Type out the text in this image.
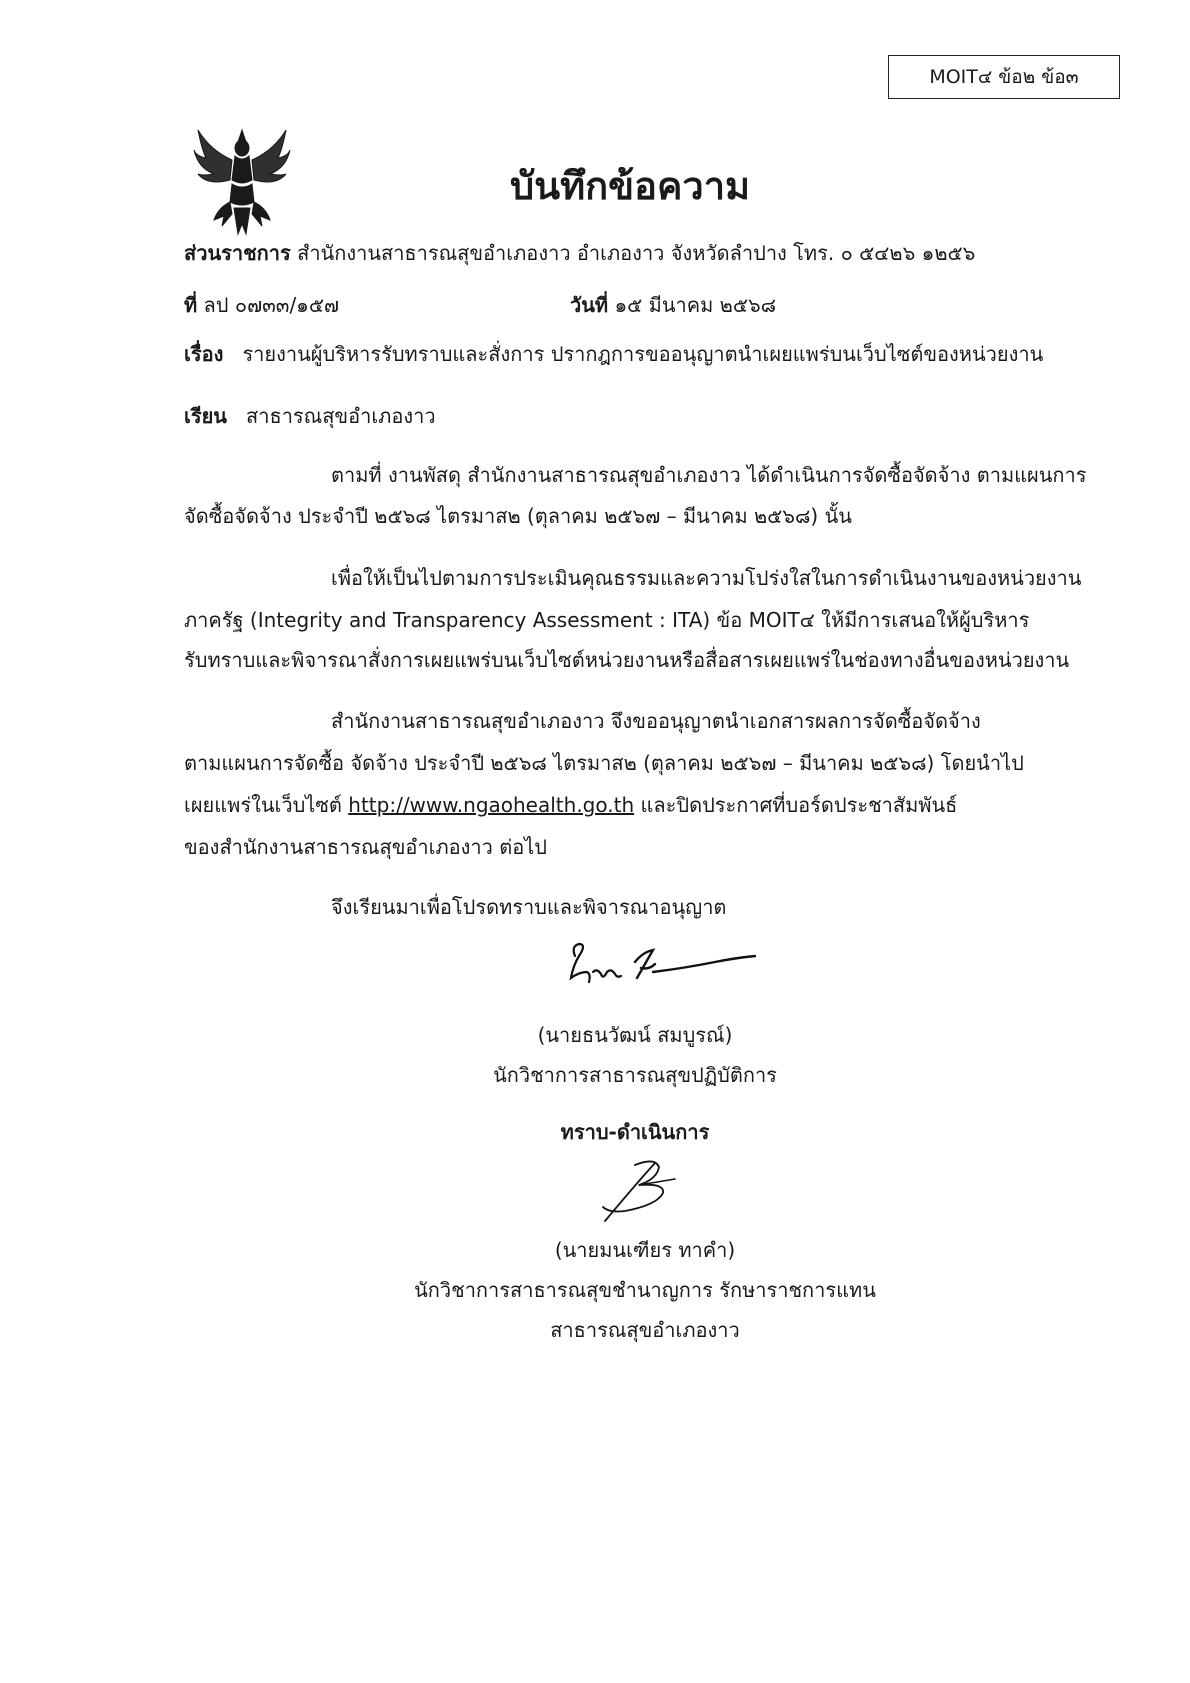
MOIT๔ ข้อ๒ ข้อ๓
บันทึกข้อความ
ส่วนราชการ สำนักงานสาธารณสุขอำเภองาว อำเภองาว จังหวัดลำปาง โทร. ๐ ๕๔๒๖ ๑๒๕๖
ที่ ลป ๐๗๓๓/๑๕๗	วันที่ ๑๕ มีนาคม ๒๕๖๘
เรื่อง รายงานผู้บริหารรับทราบและสั่งการ ปรากฎการขออนุญาตนำเผยแพร่บนเว็บไซต์ของหน่วยงาน
เรียน สาธารณสุขอำเภองาว
ตามที่ งานพัสดุ สำนักงานสาธารณสุขอำเภองาว ได้ดำเนินการจัดซื้อจัดจ้าง ตามแผนการ
จัดซื้อจัดจ้าง ประจำปี ๒๕๖๘ ไตรมาส๒ (ตุลาคม ๒๕๖๗ – มีนาคม ๒๕๖๘) นั้น
เพื่อให้เป็นไปตามการประเมินคุณธรรมและความโปร่งใสในการดำเนินงานของหน่วยงาน
ภาครัฐ (Integrity and Transparency Assessment : ITA) ข้อ MOIT๔ ให้มีการเสนอให้ผู้บริหาร
รับทราบและพิจารณาสั่งการเผยแพร่บนเว็บไซต์หน่วยงานหรือสื่อสารเผยแพร่ในช่องทางอื่นของหน่วยงาน
สำนักงานสาธารณสุขอำเภองาว จึงขออนุญาตนำเอกสารผลการจัดซื้อจัดจ้าง
ตามแผนการจัดซื้อ จัดจ้าง ประจำปี ๒๕๖๘ ไตรมาส๒ (ตุลาคม ๒๕๖๗ – มีนาคม ๒๕๖๘) โดยนำไป
เผยแพร่ในเว็บไซต์ http://www.ngaohealth.go.th และปิดประกาศที่บอร์ดประชาสัมพันธ์
ของสำนักงานสาธารณสุขอำเภองาว ต่อไป
จึงเรียนมาเพื่อโปรดทราบและพิจารณาอนุญาต
(นายธนวัฒน์ สมบูรณ์)
นักวิชาการสาธารณสุขปฏิบัติการ
ทราบ-ดำเนินการ
(นายมนเฑียร ทาคำ)
นักวิชาการสาธารณสุขชำนาญการ รักษาราชการแทน
สาธารณสุขอำเภองาว
